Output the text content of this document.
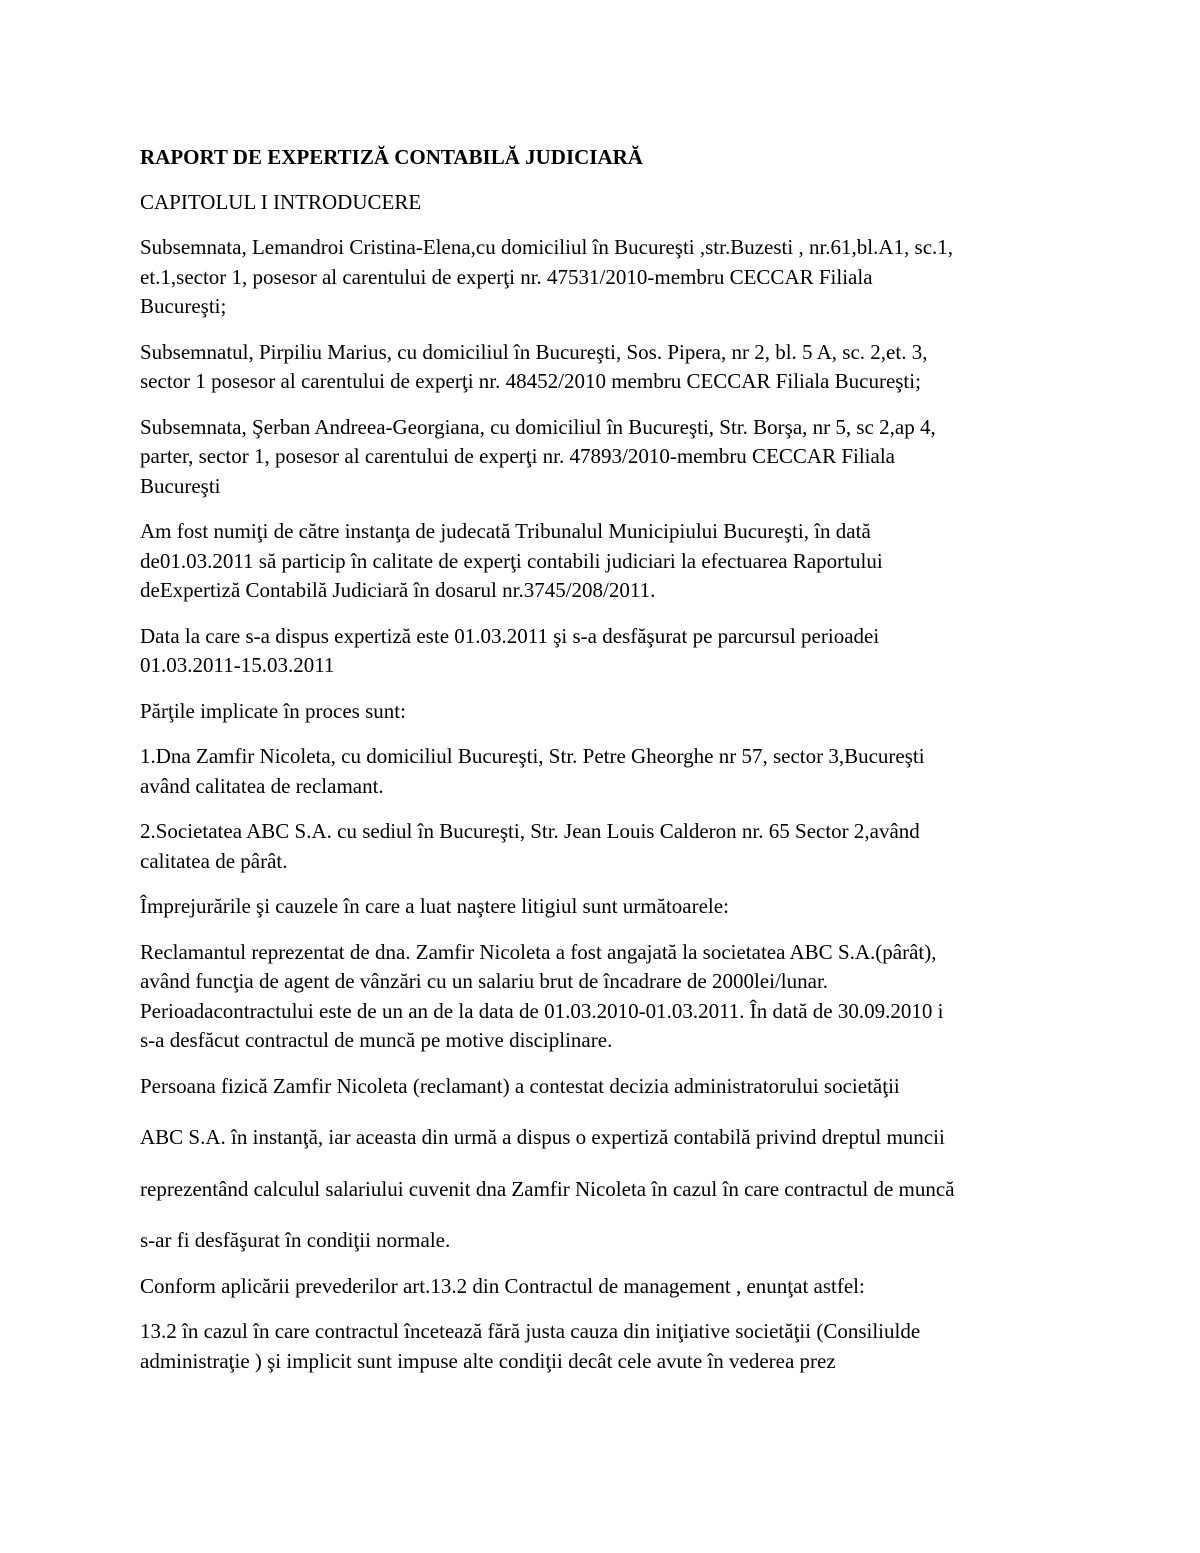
RAPORT DE EXPERTIZĂ CONTABILĂ JUDICIARĂ

CAPITOLUL I INTRODUCERE

Subsemnata, Lemandroi Cristina-Elena,cu domiciliul în Bucureşti ,str.Buzesti , nr.61,bl.A1, sc.1,
et.1,sector 1, posesor al carentului de experţi nr. 47531/2010-membru CECCAR Filiala
Bucureşti;

Subsemnatul, Pirpiliu Marius, cu domiciliul în Bucureşti, Sos. Pipera, nr 2, bl. 5 A, sc. 2,et. 3,
sector 1 posesor al carentului de experţi nr. 48452/2010 membru CECCAR Filiala Bucureşti;

Subsemnata, Şerban Andreea-Georgiana, cu domiciliul în Bucureşti, Str. Borşa, nr 5, sc 2,ap 4,
parter, sector 1, posesor al carentului de experţi nr. 47893/2010-membru CECCAR Filiala
Bucureşti

Am fost numiţi de către instanţa de judecată Tribunalul Municipiului Bucureşti, în dată
de01.03.2011 să particip în calitate de experţi contabili judiciari la efectuarea Raportului
deExpertiză Contabilă Judiciară în dosarul nr.3745/208/2011.

Data la care s-a dispus expertiză este 01.03.2011 şi s-a desfăşurat pe parcursul perioadei
01.03.2011-15.03.2011

Părţile implicate în proces sunt:

1.Dna Zamfir Nicoleta, cu domiciliul Bucureşti, Str. Petre Gheorghe nr 57, sector 3,Bucureşti
având calitatea de reclamant.

2.Societatea ABC S.A. cu sediul în Bucureşti, Str. Jean Louis Calderon nr. 65 Sector 2,având
calitatea de pârât.

Împrejurările şi cauzele în care a luat naştere litigiul sunt următoarele:

Reclamantul reprezentat de dna. Zamfir Nicoleta a fost angajată la societatea ABC S.A.(pârât),
având funcţia de agent de vânzări cu un salariu brut de încadrare de 2000lei/lunar.
Perioadacontractului este de un an de la data de 01.03.2010-01.03.2011. În dată de 30.09.2010 i
s-a desfăcut contractul de muncă pe motive disciplinare.

Persoana fizică Zamfir Nicoleta (reclamant) a contestat decizia administratorului societăţii

ABC S.A. în instanţă, iar aceasta din urmă a dispus o expertiză contabilă privind dreptul muncii

reprezentând calculul salariului cuvenit dna Zamfir Nicoleta în cazul în care contractul de muncă

s-ar fi desfăşurat în condiţii normale.

Conform aplicării prevederilor art.13.2 din Contractul de management , enunţat astfel:

13.2 în cazul în care contractul încetează fără justa cauza din iniţiative societăţii (Consiliulde
administraţie ) şi implicit sunt impuse alte condiţii decât cele avute în vederea prez
